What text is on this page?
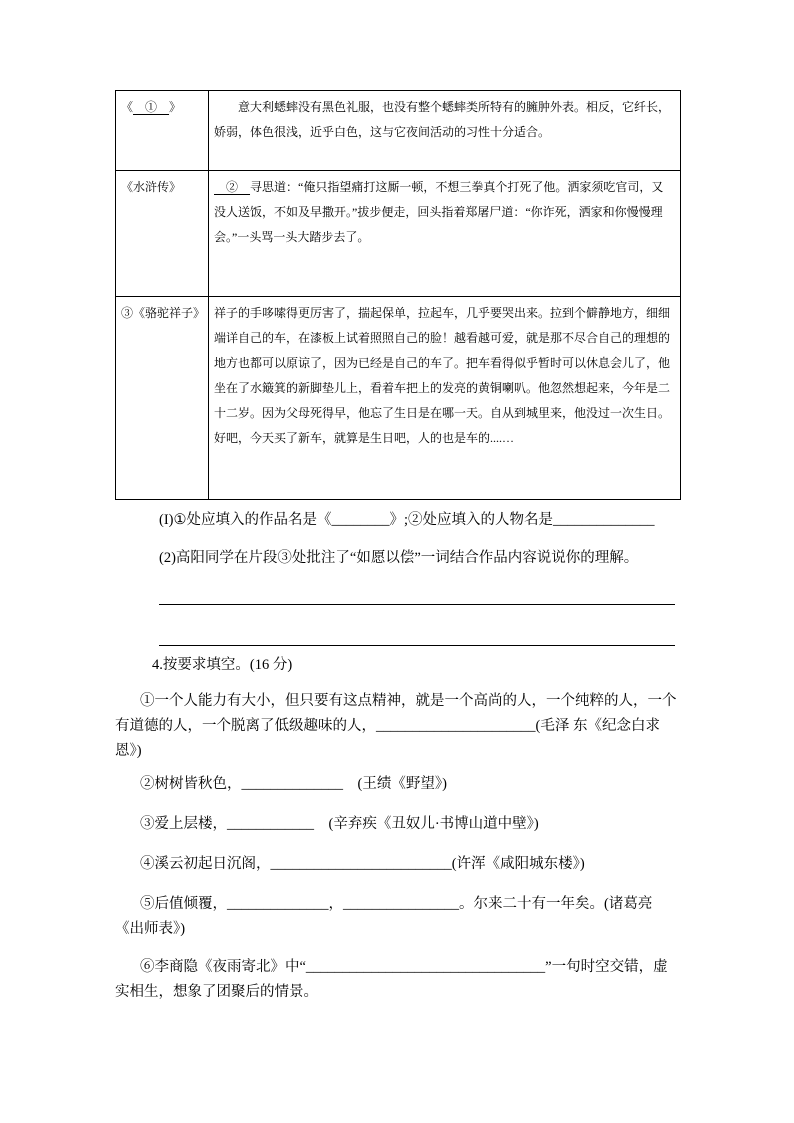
《　①　》	　　意大利蟋蟀没有黑色礼服，也没有整个蟋蟀类所特有的臃肿外表。相反，它纤长，娇弱，体色很浅，近乎白色，这与它夜间活动的习性十分适合。
《水浒传》	　②　寻思道：“俺只指望痛打这厮一顿，不想三拳真个打死了他。洒家须吃官司，又没人送饭，不如及早撒开。”拔步便走，回头指着郑屠尸道：“你诈死，洒家和你慢慢理会。”一头骂一头大踏步去了。
③《骆驼祥子》	祥子的手哆嗦得更厉害了，揣起保单，拉起车，几乎要哭出来。拉到个僻静地方，细细端详自己的车，在漆板上试着照照自己的脸！越看越可爱，就是那不尽合自己的理想的地方也都可以原谅了，因为已经是自己的车了。把车看得似乎暂时可以休息会儿了，他坐在了水簸箕的新脚垫儿上，看着车把上的发亮的黄铜喇叭。他忽然想起来，今年是二十二岁。因为父母死得早，他忘了生日是在哪一天。自从到城里来，他没过一次生日。好吧，今天买了新车，就算是生日吧，人的也是车的....…

(I)①处应填入的作品名是《________》;②处应填入的人物名是______________

(2)高阳同学在片段③处批注了“如愿以偿”一词结合作品内容说说你的理解。

4.按要求填空。(16 分)

①一个人能力有大小，但只要有这点精神，就是一个高尚的人，一个纯粹的人，一个有道德的人，一个脱离了低级趣味的人，______________________(毛泽 东《纪念白求恩》)

②树树皆秋色，______________　(王绩《野望》)

③爱上层楼，____________　(辛弃疾《丑奴儿·书博山道中壁》)

④溪云初起日沉阁，_________________________(许浑《咸阳城东楼》)

⑤后值倾覆，______________，________________。尔来二十有一年矣。(诸葛亮《出师表》)

⑥李商隐《夜雨寄北》中“_________________________________”一句时空交错，虚实相生，想象了团聚后的情景。
